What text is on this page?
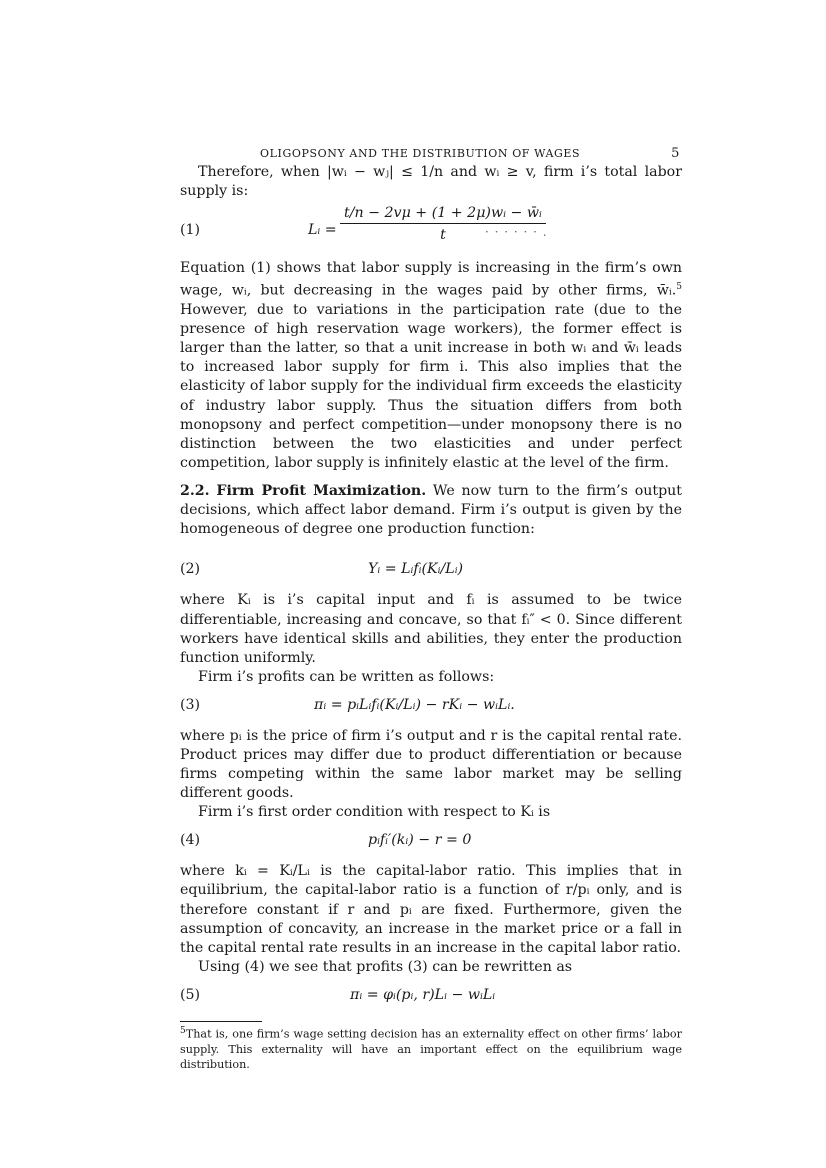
OLIGOPSONY AND THE DISTRIBUTION OF WAGES	5

Therefore, when |wᵢ − wⱼ| ≤ 1/n and wᵢ ≥ v, firm i’s total labor supply is:

(1)	Lᵢ = $\frac{\text{t/n − 2vμ + (1 + 2μ)wᵢ − w̄ᵢ}}{t}$
· · · · · · .

Equation (1) shows that labor supply is increasing in the firm’s own wage, wᵢ, but decreasing in the wages paid by other firms, w̄ᵢ.$^5$ However, due to variations in the participation rate (due to the presence of high reservation wage workers), the former effect is larger than the latter, so that a unit increase in both wᵢ and w̄ᵢ leads to increased labor supply for firm i. This also implies that the elasticity of labor supply for the individual firm exceeds the elasticity of industry labor supply. Thus the situation differs from both monopsony and perfect competition—under monopsony there is no distinction between the two elasticities and under perfect competition, labor supply is infinitely elastic at the level of the firm.

2.2. Firm Profit Maximization. We now turn to the firm’s output decisions, which affect labor demand. Firm i’s output is given by the homogeneous of degree one production function:

(2)	Yᵢ = Lᵢfᵢ(Kᵢ/Lᵢ)

where Kᵢ is i’s capital input and fᵢ is assumed to be twice differentiable, increasing and concave, so that fᵢ″ < 0. Since different workers have identical skills and abilities, they enter the production function uniformly.

Firm i’s profits can be written as follows:

(3)	πᵢ = pᵢLᵢfᵢ(Kᵢ/Lᵢ) − rKᵢ − wᵢLᵢ.

where pᵢ is the price of firm i’s output and r is the capital rental rate. Product prices may differ due to product differentiation or because firms competing within the same labor market may be selling different goods.

Firm i’s first order condition with respect to Kᵢ is

(4)	pᵢfᵢ′(kᵢ) − r = 0

where kᵢ = Kᵢ/Lᵢ is the capital-labor ratio. This implies that in equilibrium, the capital-labor ratio is a function of r/pᵢ only, and is therefore constant if r and pᵢ are fixed. Furthermore, given the assumption of concavity, an increase in the market price or a fall in the capital rental rate results in an increase in the capital labor ratio.

Using (4) we see that profits (3) can be rewritten as

(5)	πᵢ = φᵢ(pᵢ, r)Lᵢ − wᵢLᵢ

$^5$That is, one firm’s wage setting decision has an externality effect on other firms’ labor supply. This externality will have an important effect on the equilibrium wage distribution.
